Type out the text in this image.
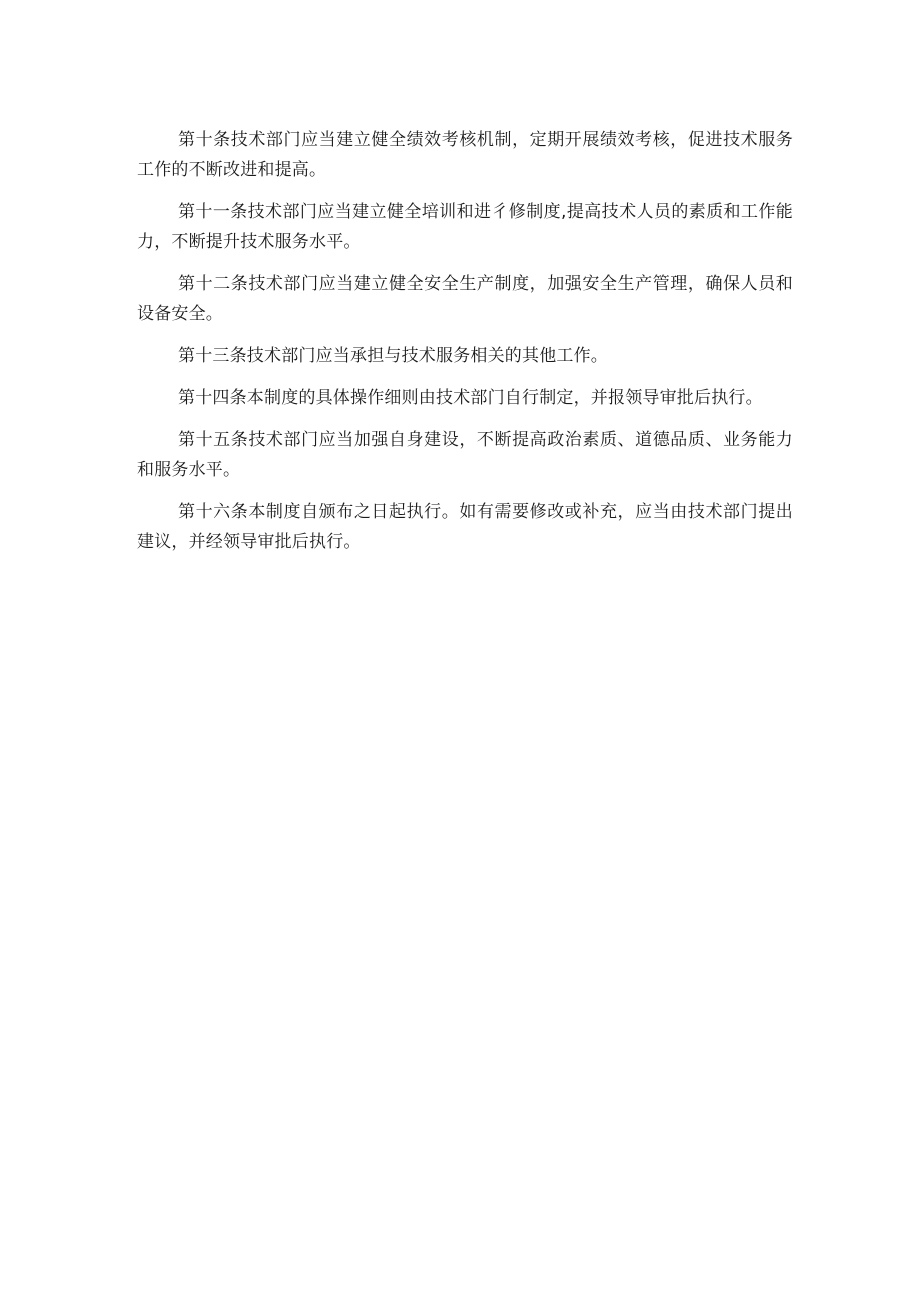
第十条技术部门应当建立健全绩效考核机制，定期开展绩效考核，促进技术服务工作的不断改进和提高。

第十一条技术部门应当建立健全培训和进彳修制度,提高技术人员的素质和工作能力，不断提升技术服务水平。

第十二条技术部门应当建立健全安全生产制度，加强安全生产管理，确保人员和设备安全。

第十三条技术部门应当承担与技术服务相关的其他工作。

第十四条本制度的具体操作细则由技术部门自行制定，并报领导审批后执行。

第十五条技术部门应当加强自身建设，不断提高政治素质、道德品质、业务能力和服务水平。

第十六条本制度自颁布之日起执行。如有需要修改或补充，应当由技术部门提出建议，并经领导审批后执行。
